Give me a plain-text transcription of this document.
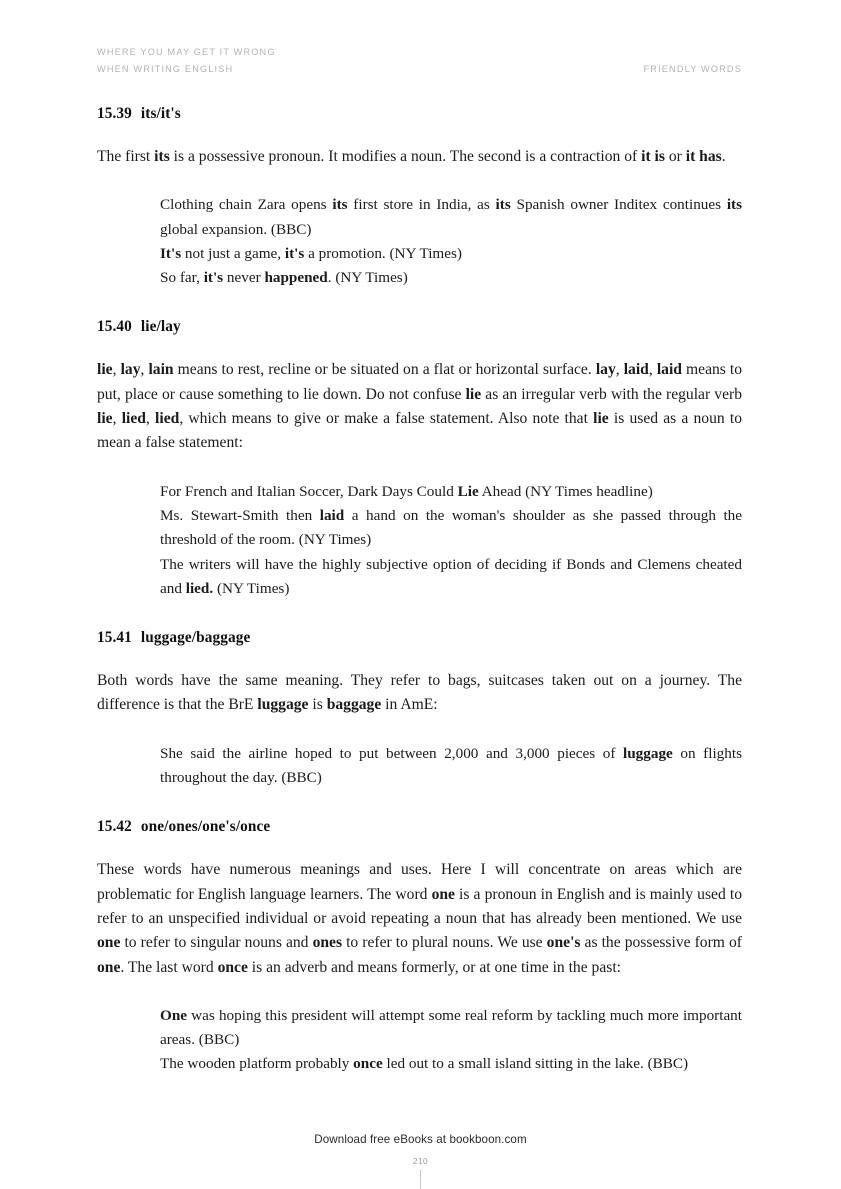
WHERE YOU MAY GET IT WRONG
WHEN WRITING ENGLISH	FRIENDLY WORDS
15.39 its/it's

The first its is a possessive pronoun. It modifies a noun. The second is a contraction of it is or it has.

Clothing chain Zara opens its first store in India, as its Spanish owner Inditex continues its global expansion. (BBC)
It's not just a game, it's a promotion. (NY Times)
So far, it's never happened. (NY Times)
15.40 lie/lay

lie, lay, lain means to rest, recline or be situated on a flat or horizontal surface. lay, laid, laid means to put, place or cause something to lie down. Do not confuse lie as an irregular verb with the regular verb lie, lied, lied, which means to give or make a false statement. Also note that lie is used as a noun to mean a false statement:

For French and Italian Soccer, Dark Days Could Lie Ahead (NY Times headline)
Ms. Stewart-Smith then laid a hand on the woman's shoulder as she passed through the threshold of the room. (NY Times)
The writers will have the highly subjective option of deciding if Bonds and Clemens cheated and lied. (NY Times)
15.41 luggage/baggage

Both words have the same meaning. They refer to bags, suitcases taken out on a journey. The difference is that the BrE luggage is baggage in AmE:

She said the airline hoped to put between 2,000 and 3,000 pieces of luggage on flights throughout the day. (BBC)
15.42 one/ones/one's/once

These words have numerous meanings and uses. Here I will concentrate on areas which are problematic for English language learners. The word one is a pronoun in English and is mainly used to refer to an unspecified individual or avoid repeating a noun that has already been mentioned. We use one to refer to singular nouns and ones to refer to plural nouns. We use one's as the possessive form of one. The last word once is an adverb and means formerly, or at one time in the past:

One was hoping this president will attempt some real reform by tackling much more important areas. (BBC)
The wooden platform probably once led out to a small island sitting in the lake. (BBC)
Download free eBooks at bookboon.com
210
